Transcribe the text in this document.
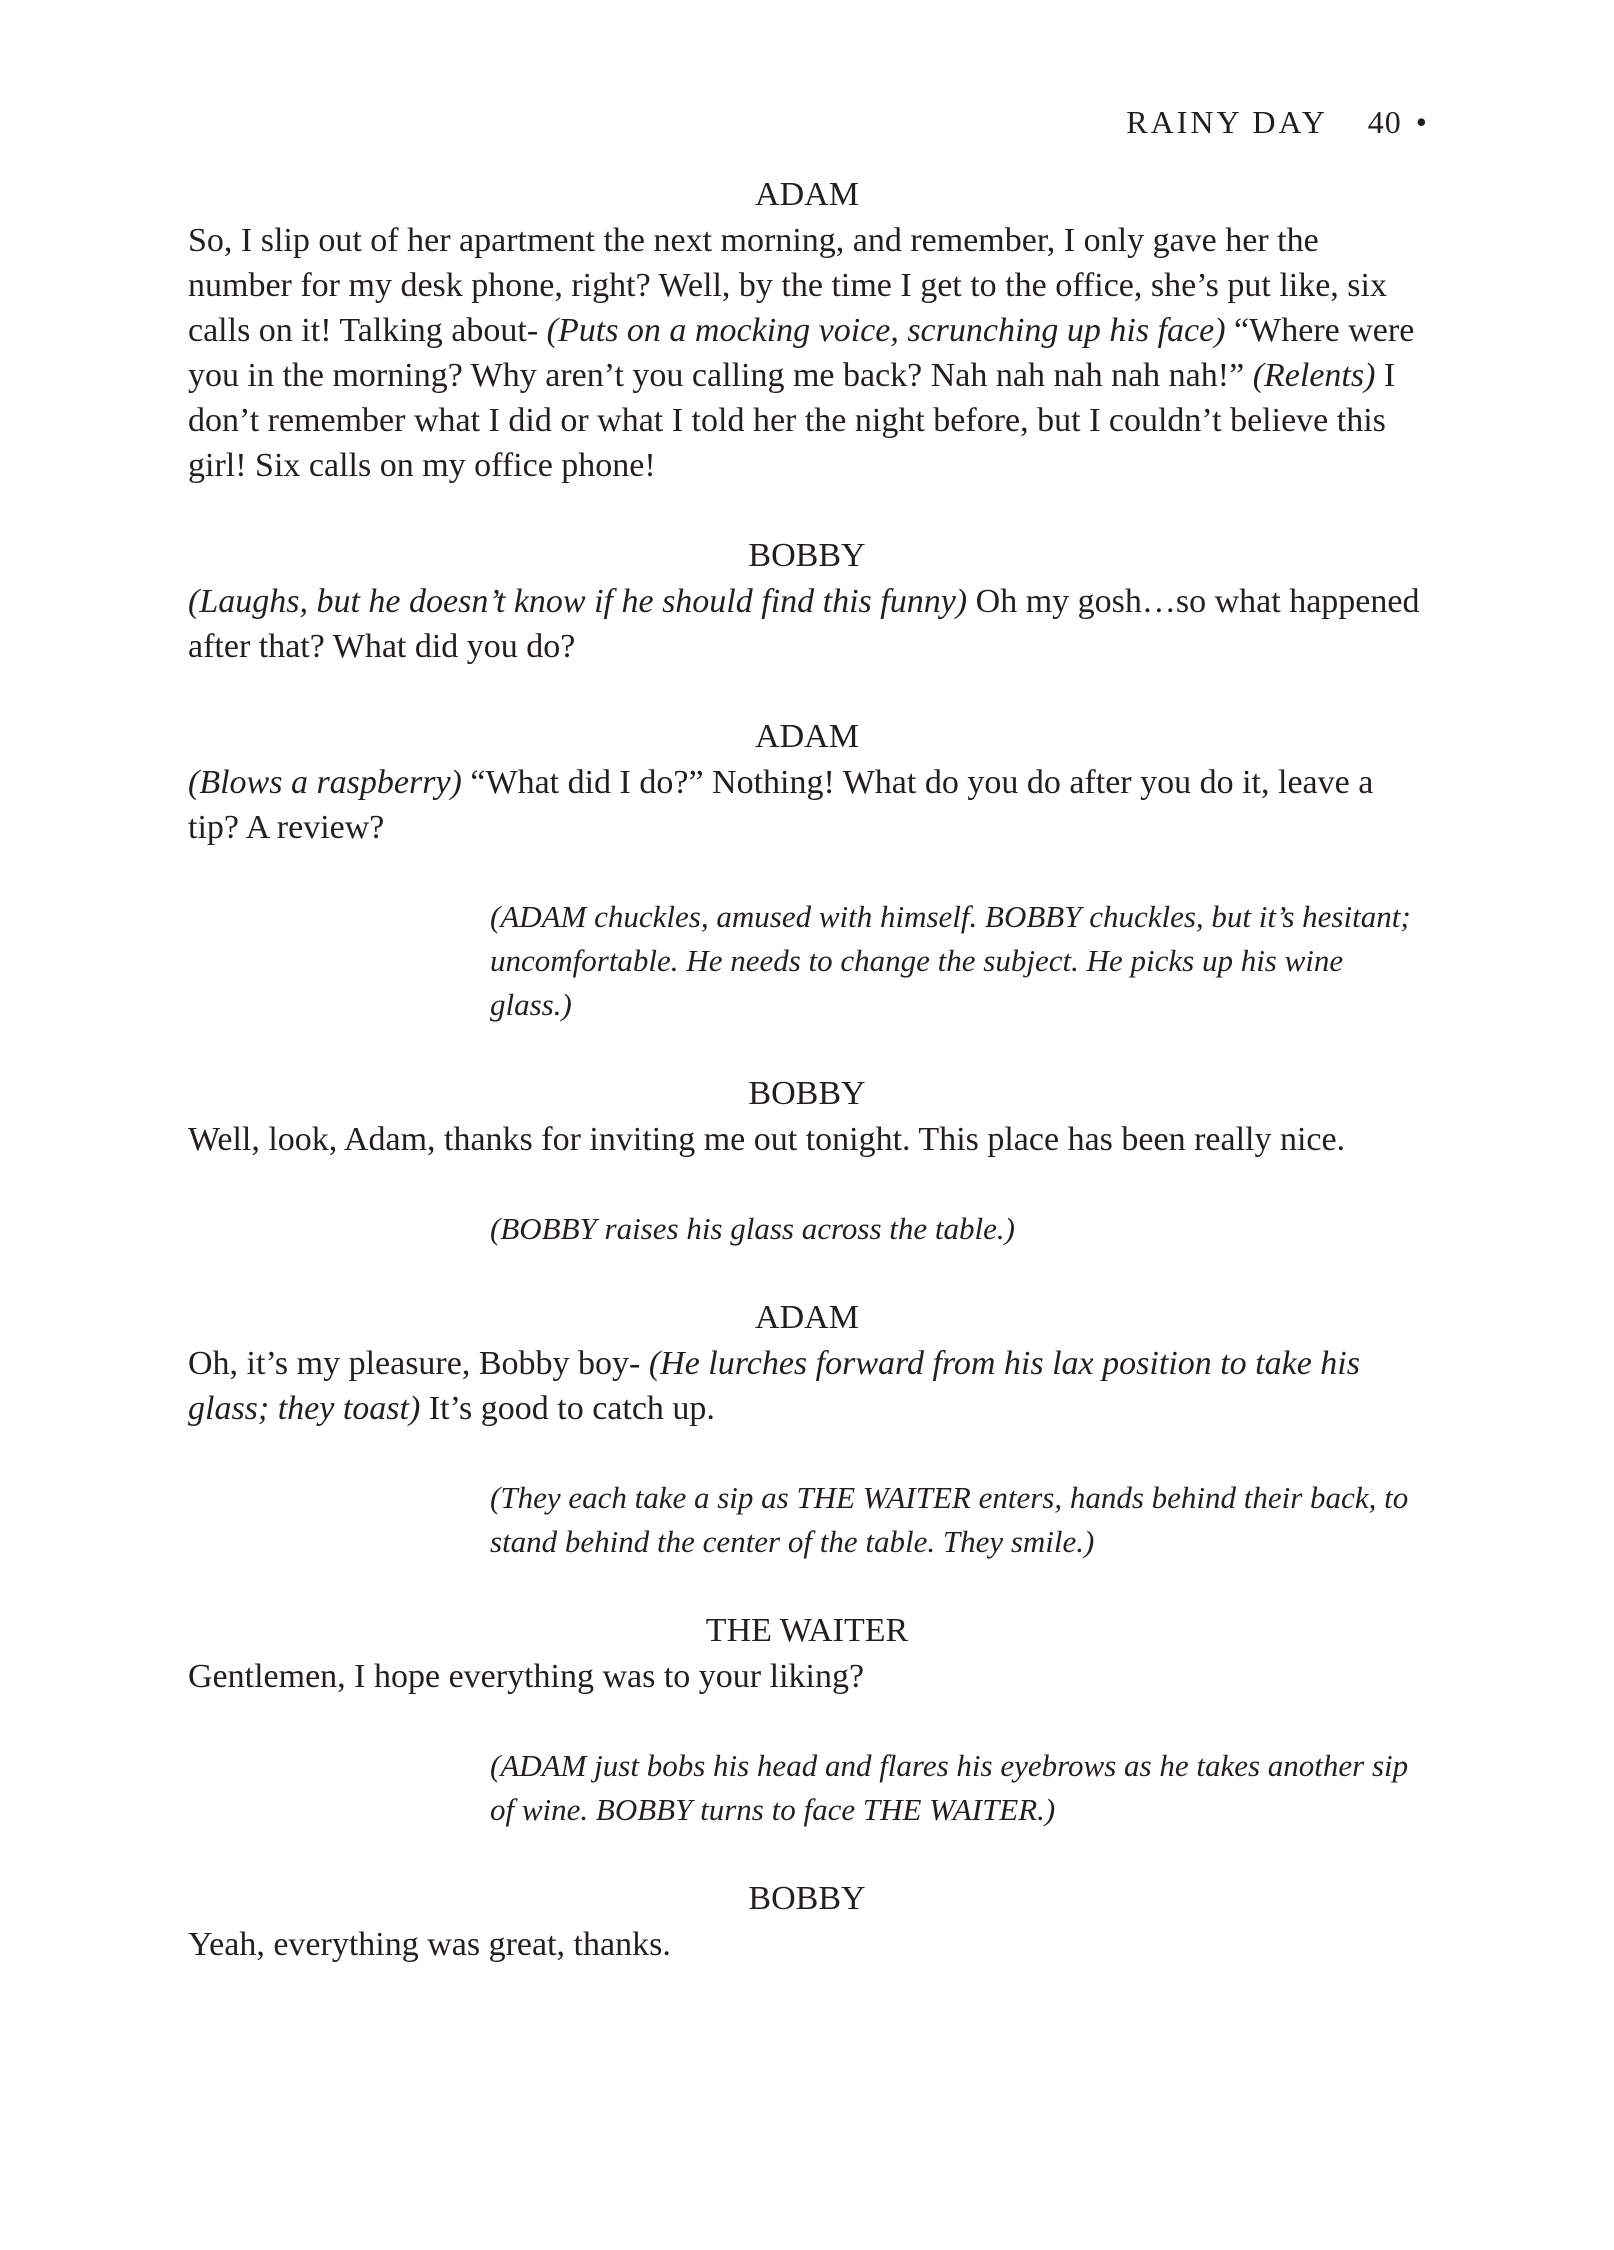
RAINY DAY 40 •
ADAM
So, I slip out of her apartment the next morning, and remember, I only gave her the number for my desk phone, right? Well, by the time I get to the office, she’s put like, six calls on it! Talking about- (Puts on a mocking voice, scrunching up his face) “Where were you in the morning? Why aren’t you calling me back? Nah nah nah nah nah!” (Relents) I don’t remember what I did or what I told her the night before, but I couldn’t believe this girl! Six calls on my office phone!
BOBBY
(Laughs, but he doesn’t know if he should find this funny) Oh my gosh…so what happened after that? What did you do?
ADAM
(Blows a raspberry) “What did I do?” Nothing! What do you do after you do it, leave a tip? A review?
(ADAM chuckles, amused with himself. BOBBY chuckles, but it’s hesitant; uncomfortable. He needs to change the subject. He picks up his wine glass.)
BOBBY
Well, look, Adam, thanks for inviting me out tonight. This place has been really nice.
(BOBBY raises his glass across the table.)
ADAM
Oh, it’s my pleasure, Bobby boy- (He lurches forward from his lax position to take his glass; they toast) It’s good to catch up.
(They each take a sip as THE WAITER enters, hands behind their back, to stand behind the center of the table. They smile.)
THE WAITER
Gentlemen, I hope everything was to your liking?
(ADAM just bobs his head and flares his eyebrows as he takes another sip of wine. BOBBY turns to face THE WAITER.)
BOBBY
Yeah, everything was great, thanks.
